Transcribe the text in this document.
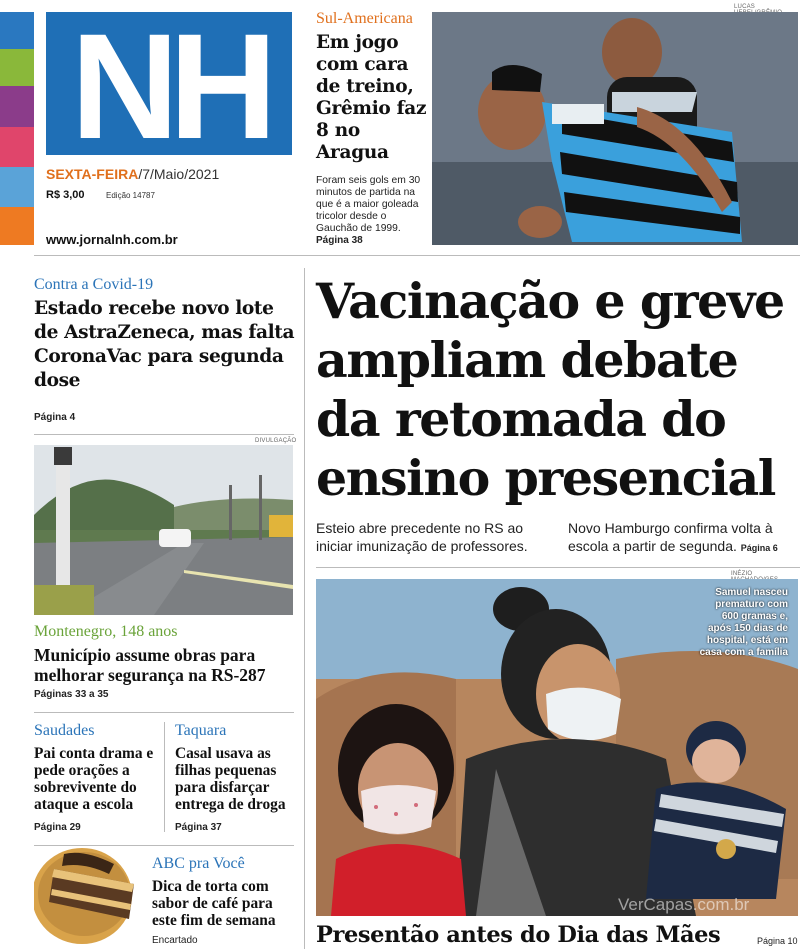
NH
SEXTA-FEIRA/7/Maio/2021
R$ 3,00	Edição 14787
www.jornalnh.com.br
Sul-Americana
Em jogo com cara de treino, Grêmio faz 8 no Aragua
Foram seis gols em 30 minutos de partida na que é a maior goleada tricolor desde o Gauchão de 1999.
Página 38
LUCAS
Contra a Covid-19
Estado recebe novo lote de AstraZeneca, mas falta CoronaVac para segunda dose
Página 4
DIVULGAÇÃO
Montenegro, 148 anos
Município assume obras para melhorar segurança na RS-287
Páginas 33 a 35
Saudades
Pai conta drama e pede orações a sobrevivente do ataque a escola
Página 29
Taquara
Casal usava as filhas pequenas para disfarçar entrega de droga
Página 37
ABC pra Você
Dica de torta com sabor de café para este fim de semana
Encartado
Vacinação e greve ampliam debate da retomada do ensino presencial
Esteio abre precedente no RS ao iniciar imunização de professores.
Novo Hamburgo confirma volta à escola a partir de segunda. Página 6
INÉZIO
Samuel nasceu prematuro com 600 gramas e, após 150 dias de hospital, está em casa com a família
VerCapas.com.br
Presentão antes do Dia das Mães	Página 10
